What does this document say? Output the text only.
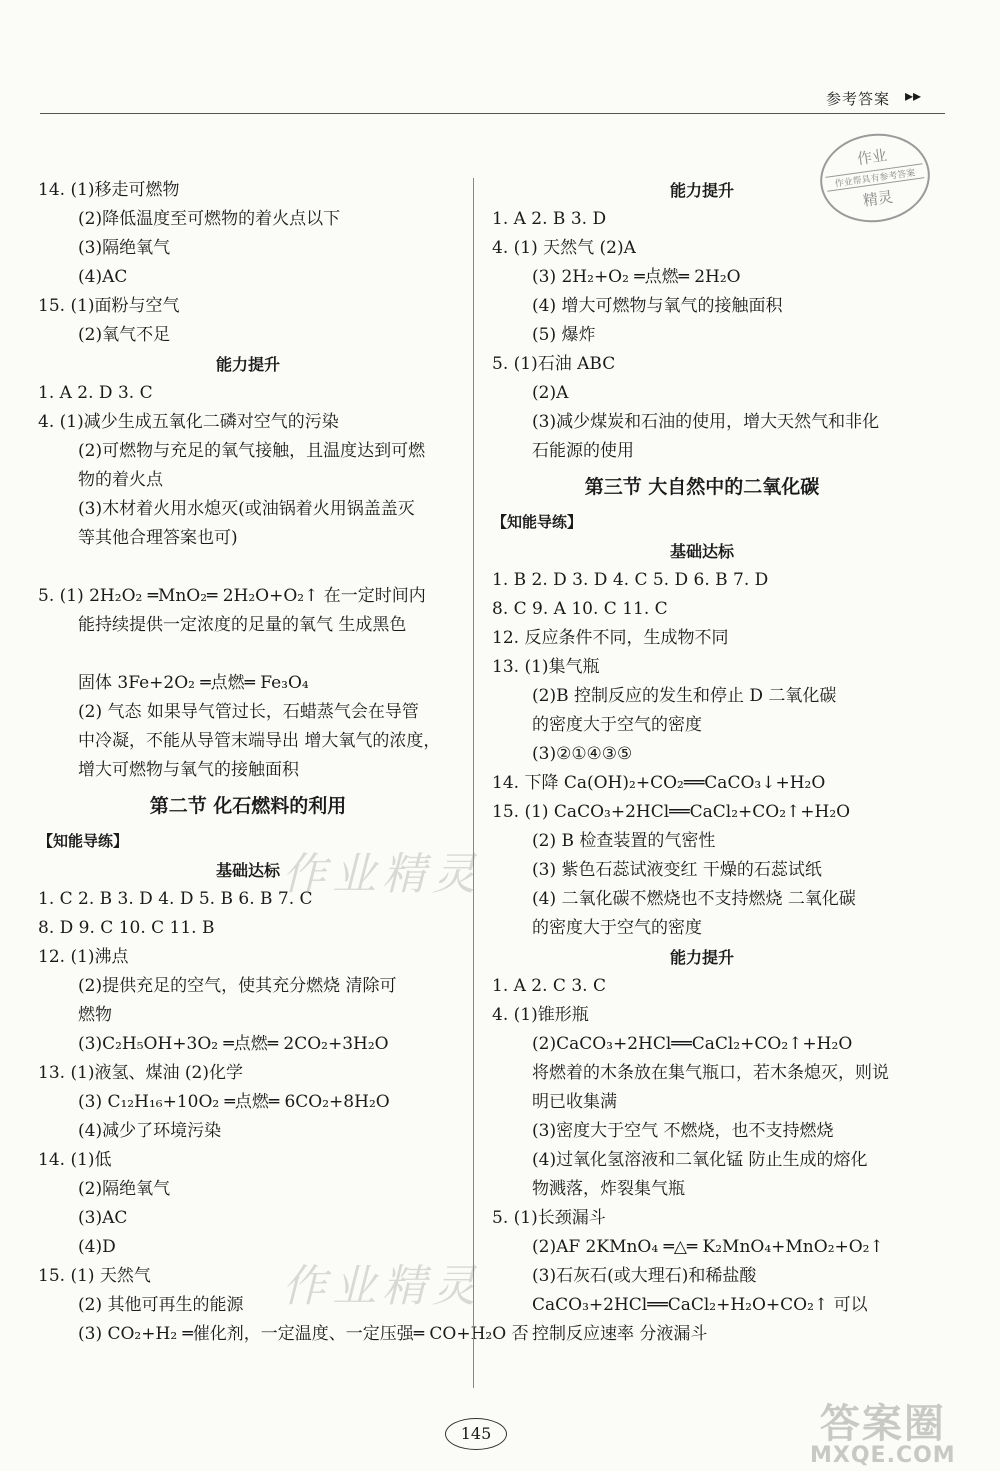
参考答案 ▸▸
作业
作业帮具有参考答案
精灵
作业精灵
作业精灵
14. (1)移走可燃物
(2)降低温度至可燃物的着火点以下
(3)隔绝氧气
(4)AC
15. (1)面粉与空气
(2)氧气不足
能力提升
1. A 2. D 3. C
4. (1)减少生成五氧化二磷对空气的污染
(2)可燃物与充足的氧气接触，且温度达到可燃
物的着火点
(3)木材着火用水熄灭(或油锅着火用锅盖盖灭
等其他合理答案也可)
5. (1) 2H₂O₂ ═MnO₂═ 2H₂O+O₂↑ 在一定时间内
能持续提供一定浓度的足量的氧气 生成黑色
固体 3Fe+2O₂ ═点燃═ Fe₃O₄
(2) 气态 如果导气管过长，石蜡蒸气会在导管
中冷凝，不能从导管末端导出 增大氧气的浓度，
增大可燃物与氧气的接触面积
第二节 化石燃料的利用
【知能导练】
基础达标
1. C 2. B 3. D 4. D 5. B 6. B 7. C
8. D 9. C 10. C 11. B
12. (1)沸点
(2)提供充足的空气，使其充分燃烧 清除可
燃物
(3)C₂H₅OH+3O₂ ═点燃═ 2CO₂+3H₂O
13. (1)液氢、煤油 (2)化学
(3) C₁₂H₁₆+10O₂ ═点燃═ 6CO₂+8H₂O
(4)减少了环境污染
14. (1)低
(2)隔绝氧气
(3)AC
(4)D
15. (1) 天然气
(2) 其他可再生的能源
(3) CO₂+H₂ ═催化剂，一定温度、一定压强═ CO+H₂O 否
能力提升
1. A 2. B 3. D
4. (1) 天然气 (2)A
(3) 2H₂+O₂ ═点燃═ 2H₂O
(4) 增大可燃物与氧气的接触面积
(5) 爆炸
5. (1)石油 ABC
(2)A
(3)减少煤炭和石油的使用，增大天然气和非化
石能源的使用
第三节 大自然中的二氧化碳
【知能导练】
基础达标
1. B 2. D 3. D 4. C 5. D 6. B 7. D
8. C 9. A 10. C 11. C
12. 反应条件不同，生成物不同
13. (1)集气瓶
(2)B 控制反应的发生和停止 D 二氧化碳
的密度大于空气的密度
(3)②①④③⑤
14. 下降 Ca(OH)₂+CO₂══CaCO₃↓+H₂O
15. (1) CaCO₃+2HCl══CaCl₂+CO₂↑+H₂O
(2) B 检查装置的气密性
(3) 紫色石蕊试液变红 干燥的石蕊试纸
(4) 二氧化碳不燃烧也不支持燃烧 二氧化碳
的密度大于空气的密度
能力提升
1. A 2. C 3. C
4. (1)锥形瓶
(2)CaCO₃+2HCl══CaCl₂+CO₂↑+H₂O
将燃着的木条放在集气瓶口，若木条熄灭，则说
明已收集满
(3)密度大于空气 不燃烧，也不支持燃烧
(4)过氧化氢溶液和二氧化锰 防止生成的熔化
物溅落，炸裂集气瓶
5. (1)长颈漏斗
(2)AF 2KMnO₄ ═△═ K₂MnO₄+MnO₂+O₂↑
(3)石灰石(或大理石)和稀盐酸
CaCO₃+2HCl══CaCl₂+H₂O+CO₂↑ 可以
控制反应速率 分液漏斗
145	答案圈
MXQE.COM
